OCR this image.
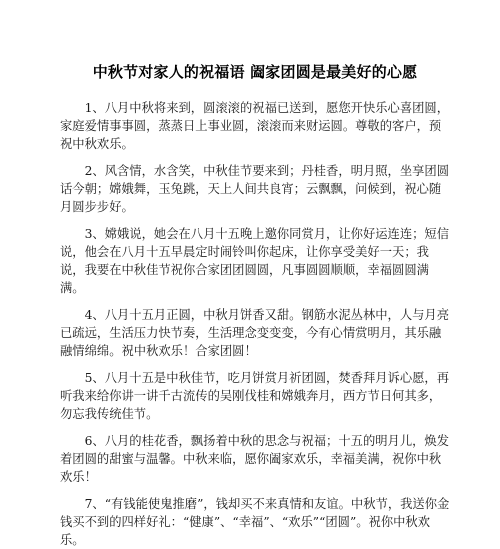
中秋节对家人的祝福语 阖家团圆是最美好的心愿

1、八月中秋将来到，圆滚滚的祝福已送到，愿您开快乐心喜团圆，家庭爱情事事圆，蒸蒸日上事业圆，滚滚而来财运圆。尊敬的客户，预祝中秋欢乐。

2、风含情，水含笑，中秋佳节要来到；丹桂香，明月照，坐享团圆话今朝；嫦娥舞，玉兔跳，天上人间共良宵；云飘飘，问候到，祝心随月圆步步好。

3、嫦娥说，她会在八月十五晚上邀你同赏月，让你好运连连；短信说，他会在八月十五早晨定时闹铃叫你起床，让你享受美好一天；我说，我要在中秋佳节祝你合家团团圆圆，凡事圆圆顺顺，幸福圆圆满满。

4、八月十五月正圆，中秋月饼香又甜。钢筋水泥丛林中，人与月亮已疏远，生活压力快节奏，生活理念变变变，今有心情赏明月，其乐融融情绵绵。祝中秋欢乐！合家团圆！

5、八月十五是中秋佳节，吃月饼赏月祈团圆，焚香拜月诉心愿，再听我来给你讲一讲千古流传的吴刚伐桂和嫦娥奔月，西方节日何其多，勿忘我传统佳节。

6、八月的桂花香，飘扬着中秋的思念与祝福；十五的明月儿，焕发着团圆的甜蜜与温馨。中秋来临，愿你阖家欢乐，幸福美满，祝你中秋欢乐！

7、“有钱能使鬼推磨”，钱却买不来真情和友谊。中秋节，我送你金钱买不到的四样好礼：“健康”、“幸福”、“欢乐”“团圆”。祝你中秋欢乐。
